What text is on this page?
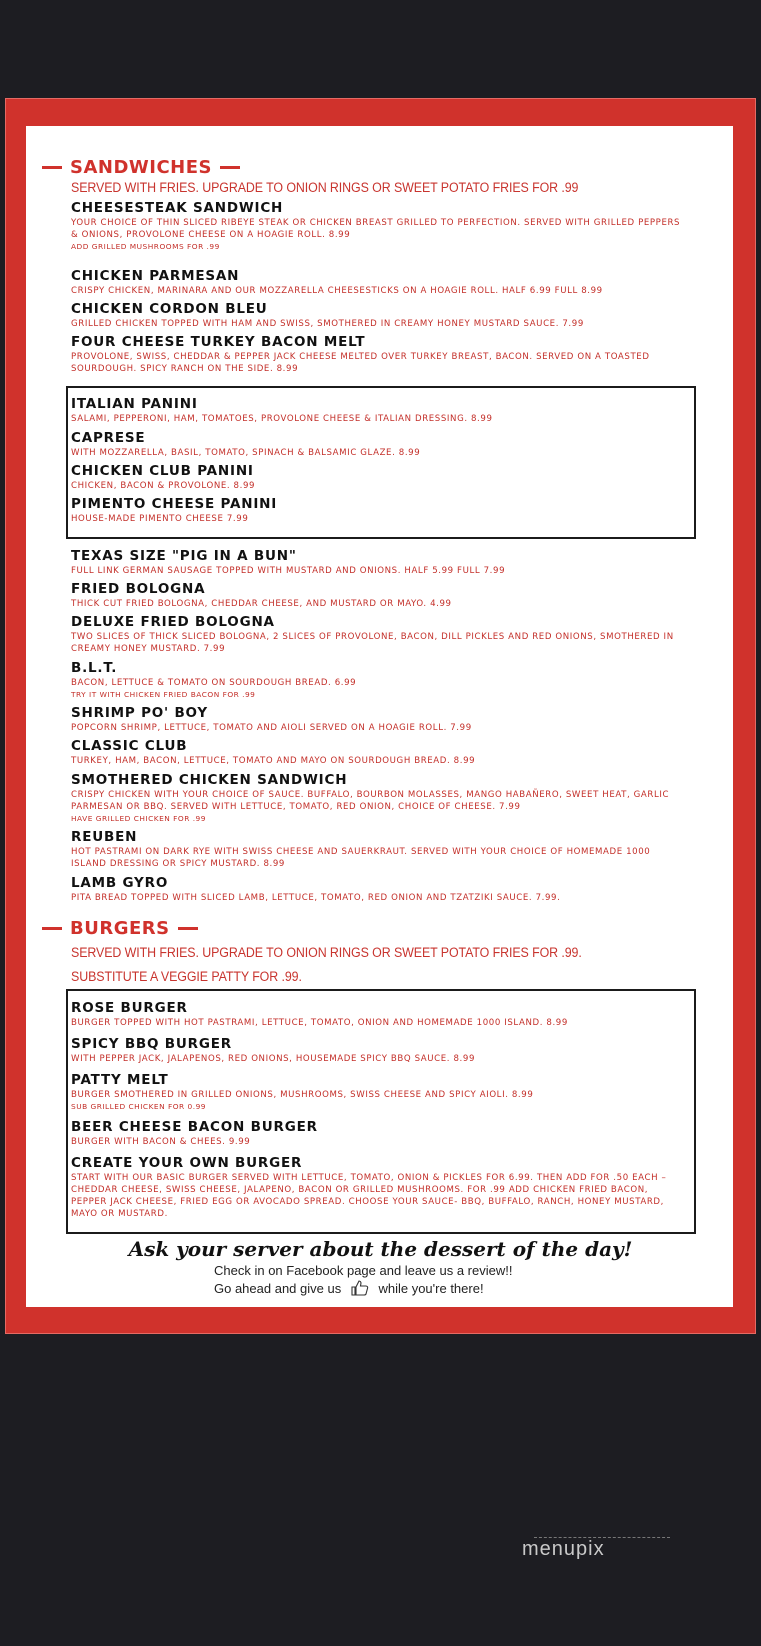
SANDWICHES
SERVED WITH FRIES. UPGRADE TO ONION RINGS OR SWEET POTATO FRIES FOR .99
CHEESESTEAK SANDWICH
YOUR CHOICE OF THIN SLICED RIBEYE STEAK OR CHICKEN BREAST GRILLED TO PERFECTION. SERVED WITH GRILLED PEPPERS & ONIONS, PROVOLONE CHEESE ON A HOAGIE ROLL. 8.99
ADD GRILLED MUSHROOMS FOR .99
CHICKEN PARMESAN
CRISPY CHICKEN, MARINARA AND OUR MOZZARELLA CHEESESTICKS ON A HOAGIE ROLL. HALF 6.99 FULL 8.99
CHICKEN CORDON BLEU
GRILLED CHICKEN TOPPED WITH HAM AND SWISS, SMOTHERED IN CREAMY HONEY MUSTARD SAUCE. 7.99
FOUR CHEESE TURKEY BACON MELT
PROVOLONE, SWISS, CHEDDAR & PEPPER JACK CHEESE MELTED OVER TURKEY BREAST, BACON. SERVED ON A TOASTED SOURDOUGH. SPICY RANCH ON THE SIDE. 8.99
ITALIAN PANINI
SALAMI, PEPPERONI, HAM, TOMATOES, PROVOLONE CHEESE & ITALIAN DRESSING. 8.99
CAPRESE
WITH MOZZARELLA, BASIL, TOMATO, SPINACH & BALSAMIC GLAZE. 8.99
CHICKEN CLUB PANINI
CHICKEN, BACON & PROVOLONE. 8.99
PIMENTO CHEESE PANINI
HOUSE-MADE PIMENTO CHEESE 7.99
TEXAS SIZE "PIG IN A BUN"
FULL LINK GERMAN SAUSAGE TOPPED WITH MUSTARD AND ONIONS. HALF 5.99 FULL 7.99
FRIED BOLOGNA
THICK CUT FRIED BOLOGNA, CHEDDAR CHEESE, AND MUSTARD OR MAYO. 4.99
DELUXE FRIED BOLOGNA
TWO SLICES OF THICK SLICED BOLOGNA, 2 SLICES OF PROVOLONE, BACON, DILL PICKLES AND RED ONIONS, SMOTHERED IN CREAMY HONEY MUSTARD. 7.99
B.L.T.
BACON, LETTUCE & TOMATO ON SOURDOUGH BREAD. 6.99
TRY IT WITH CHICKEN FRIED BACON FOR .99
SHRIMP PO' BOY
POPCORN SHRIMP, LETTUCE, TOMATO AND AIOLI SERVED ON A HOAGIE ROLL. 7.99
CLASSIC CLUB
TURKEY, HAM, BACON, LETTUCE, TOMATO AND MAYO ON SOURDOUGH BREAD. 8.99
SMOTHERED CHICKEN SANDWICH
CRISPY CHICKEN WITH YOUR CHOICE OF SAUCE. BUFFALO, BOURBON MOLASSES, MANGO HABAÑERO, SWEET HEAT, GARLIC PARMESAN OR BBQ. SERVED WITH LETTUCE, TOMATO, RED ONION, CHOICE OF CHEESE. 7.99
HAVE GRILLED CHICKEN FOR .99
REUBEN
HOT PASTRAMI ON DARK RYE WITH SWISS CHEESE AND SAUERKRAUT. SERVED WITH YOUR CHOICE OF HOMEMADE 1000 ISLAND DRESSING OR SPICY MUSTARD. 8.99
LAMB GYRO
PITA BREAD TOPPED WITH SLICED LAMB, LETTUCE, TOMATO, RED ONION AND TZATZIKI SAUCE. 7.99.
BURGERS
SERVED WITH FRIES. UPGRADE TO ONION RINGS OR SWEET POTATO FRIES FOR .99. SUBSTITUTE A VEGGIE PATTY FOR .99.
ROSE BURGER
BURGER TOPPED WITH HOT PASTRAMI, LETTUCE, TOMATO, ONION AND HOMEMADE 1000 ISLAND. 8.99
SPICY BBQ BURGER
WITH PEPPER JACK, JALAPENOS, RED ONIONS, HOUSEMADE SPICY BBQ SAUCE. 8.99
PATTY MELT
BURGER SMOTHERED IN GRILLED ONIONS, MUSHROOMS, SWISS CHEESE AND SPICY AIOLI. 8.99
SUB GRILLED CHICKEN FOR 0.99
BEER CHEESE BACON BURGER
BURGER WITH BACON & CHEES. 9.99
CREATE YOUR OWN BURGER
START WITH OUR BASIC BURGER SERVED WITH LETTUCE, TOMATO, ONION & PICKLES FOR 6.99. THEN ADD FOR .50 EACH – CHEDDAR CHEESE, SWISS CHEESE, JALAPENO, BACON OR GRILLED MUSHROOMS. FOR .99 ADD CHICKEN FRIED BACON, PEPPER JACK CHEESE, FRIED EGG OR AVOCADO SPREAD. CHOOSE YOUR SAUCE- BBQ, BUFFALO, RANCH, HONEY MUSTARD, MAYO OR MUSTARD.
Ask your server about the dessert of the day!
Check in on Facebook page and leave us a review!!
Go ahead and give us	while you're there!
menupix
